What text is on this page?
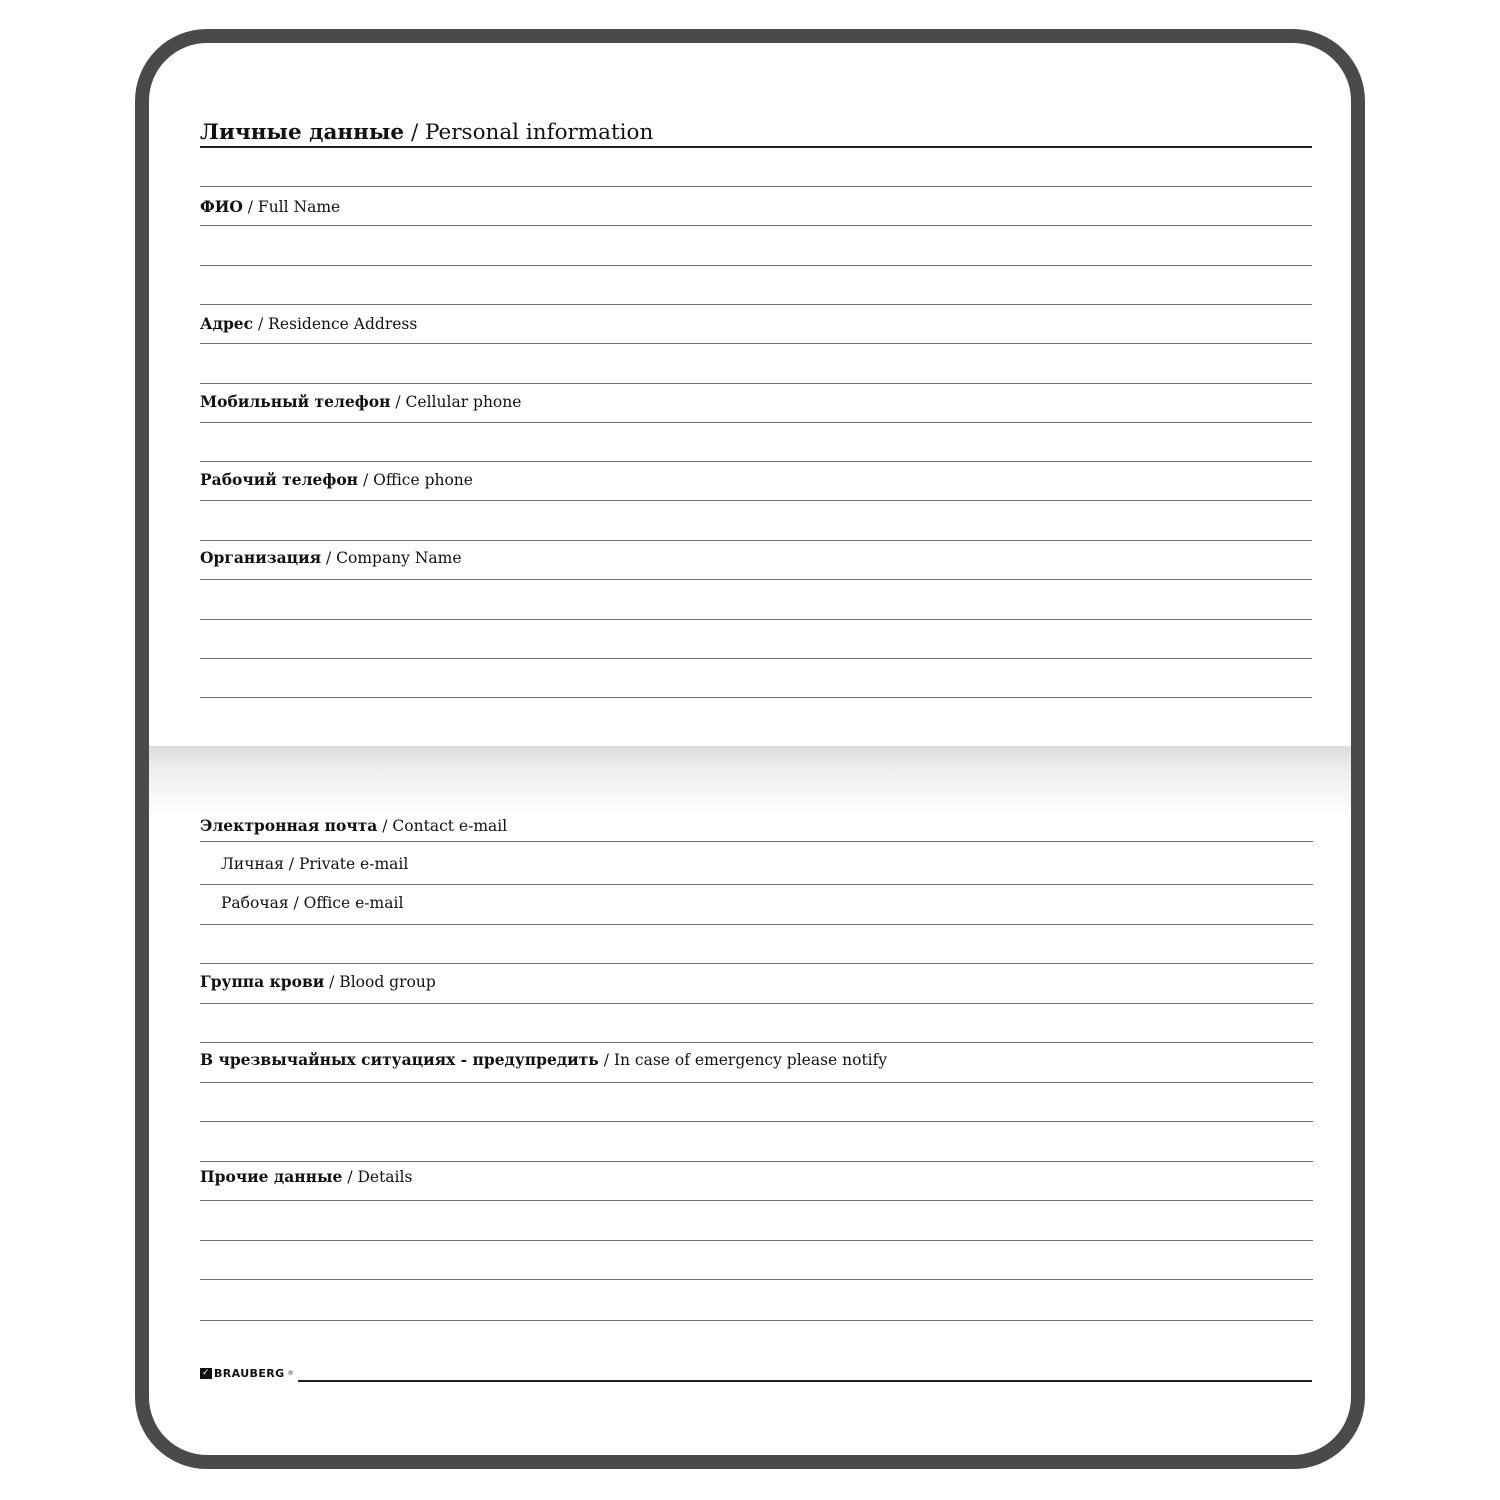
Личные данные / Personal information
ФИО / Full Name
Адрес / Residence Address
Мобильный телефон / Cellular phone
Рабочий телефон / Office phone
Организация / Company Name
Электронная почта / Contact e-mail
Личная / Private e-mail
Рабочая / Office e-mail
Группа крови / Blood group
В чрезвычайных ситуациях - предупредить / In case of emergency please notify
Прочие данные / Details
✓ BRAUBERG ®
